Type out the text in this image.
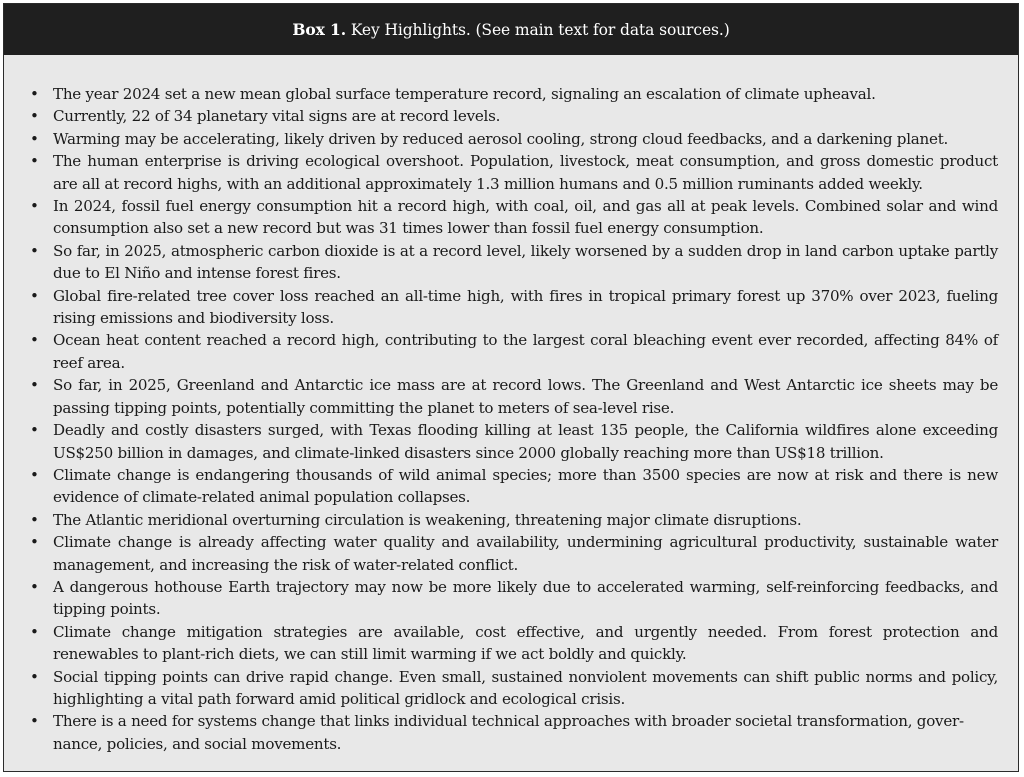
Box 1.
Key Highlights. (See main text for data sources.)
• The year 2024 set a new mean global surface temperature record, signaling an escalation of climate upheaval.
• Currently, 22 of 34 planetary vital signs are at record levels.
• Warming may be accelerating, likely driven by reduced aerosol cooling, strong cloud feedbacks, and a darkening planet.
• The human enterprise is driving ecological overshoot. Population, livestock, meat consumption, and gross domestic product are all at record highs, with an additional approximately 1.3 million humans and 0.5 million ruminants added weekly.
• In 2024, fossil fuel energy consumption hit a record high, with coal, oil, and gas all at peak levels. Combined solar and wind consumption also set a new record but was 31 times lower than fossil fuel energy consumption.
• So far, in 2025, atmospheric carbon dioxide is at a record level, likely worsened by a sudden drop in land carbon uptake partly due to El Niño and intense forest fires.
• Global fire-related tree cover loss reached an all-time high, with fires in tropical primary forest up 370% over 2023, fueling rising emissions and biodiversity loss.
• Ocean heat content reached a record high, contributing to the largest coral bleaching event ever recorded, affecting 84% of reef area.
• So far, in 2025, Greenland and Antarctic ice mass are at record lows. The Greenland and West Antarctic ice sheets may be passing tipping points, potentially committing the planet to meters of sea-level rise.
• Deadly and costly disasters surged, with Texas flooding killing at least 135 people, the California wildfires alone exceeding US$250 billion in damages, and climate-linked disasters since 2000 globally reaching more than US$18 trillion.
• Climate change is endangering thousands of wild animal species; more than 3500 species are now at risk and there is new evidence of climate-related animal population collapses.
• The Atlantic meridional overturning circulation is weakening, threatening major climate disruptions.
• Climate change is already affecting water quality and availability, undermining agricultural productivity, sustainable water management, and increasing the risk of water-related conflict.
• A dangerous hothouse Earth trajectory may now be more likely due to accelerated warming, self-reinforcing feedbacks, and tipping points.
• Climate change mitigation strategies are available, cost effective, and urgently needed. From forest protection and renewables to plant-rich diets, we can still limit warming if we act boldly and quickly.
• Social tipping points can drive rapid change. Even small, sustained nonviolent movements can shift public norms and policy, highlighting a vital path forward amid political gridlock and ecological crisis.
• There is a need for systems change that links individual technical approaches with broader societal transformation, governance, policies, and social movements.
